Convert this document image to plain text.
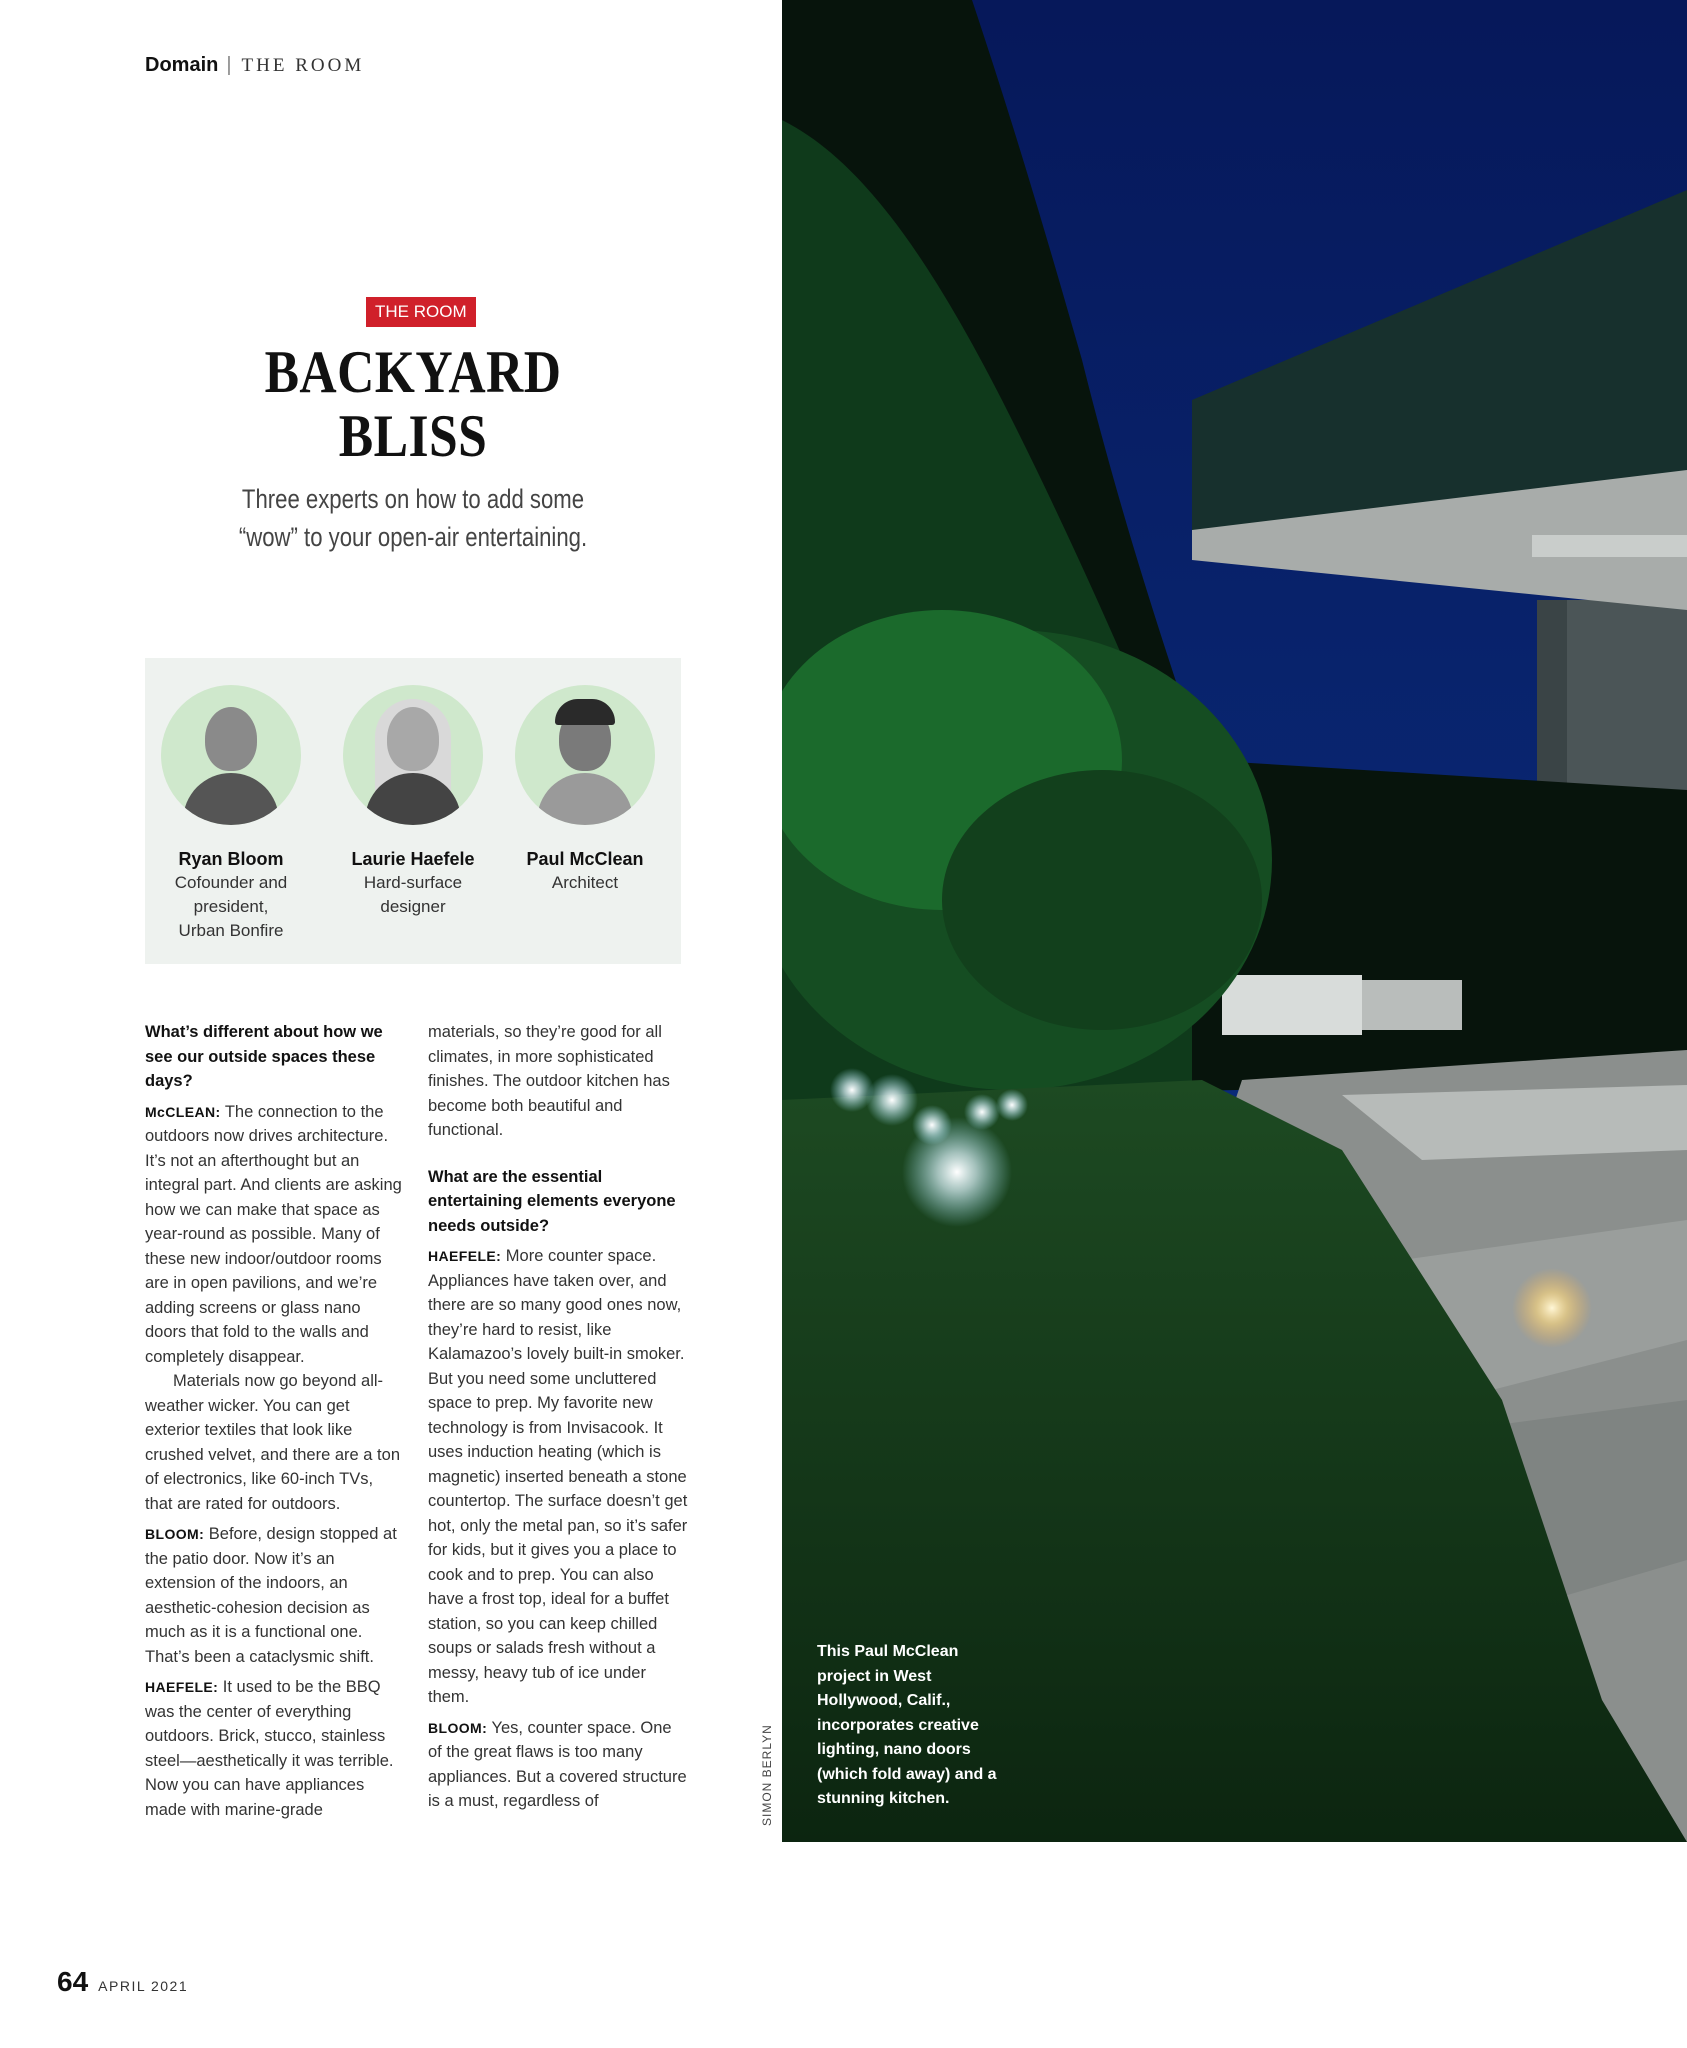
Domain | THE ROOM
THE ROOM
BACKYARD
BLISS
Three experts on how to add some
“wow” to your open-air entertaining.
Ryan Bloom
Cofounder and
president,
Urban Bonfire
Laurie Haefele
Hard-surface
designer
Paul McClean
Architect

What’s different about how we see our outside spaces these days?

McCLEAN: The connection to the outdoors now drives architecture. It’s not an afterthought but an integral part. And clients are asking how we can make that space as year-round as possible. Many of these new indoor/outdoor rooms are in open pavilions, and we’re adding screens or glass nano doors that fold to the walls and completely disappear.

Materials now go beyond all-weather wicker. You can get exterior textiles that look like crushed velvet, and there are a ton of electronics, like 60-inch TVs, that are rated for outdoors.

BLOOM: Before, design stopped at the patio door. Now it’s an extension of the indoors, an aesthetic-cohesion decision as much as it is a functional one. That’s been a cataclysmic shift.

HAEFELE: It used to be the BBQ was the center of everything outdoors. Brick, stucco, stainless steel—aesthetically it was terrible. Now you can have appliances made with marine-grade

materials, so they’re good for all climates, in more sophisticated finishes. The outdoor kitchen has become both beautiful and functional.

What are the essential entertaining elements everyone needs outside?

HAEFELE: More counter space. Appliances have taken over, and there are so many good ones now, they’re hard to resist, like Kalamazoo’s lovely built-in smoker. But you need some uncluttered space to prep. My favorite new technology is from Invisacook. It uses induction heating (which is magnetic) inserted beneath a stone countertop. The surface doesn’t get hot, only the metal pan, so it’s safer for kids, but it gives you a place to cook and to prep. You can also have a frost top, ideal for a buffet station, so you can keep chilled soups or salads fresh without a messy, heavy tub of ice under them.

BLOOM: Yes, counter space. One of the great flaws is too many appliances. But a covered structure is a must, regardless of	SIMON BERLYN
This Paul McClean project in West Hollywood, Calif., incorporates creative lighting, nano doors (which fold away) and a stunning kitchen.
64 APRIL 2021
